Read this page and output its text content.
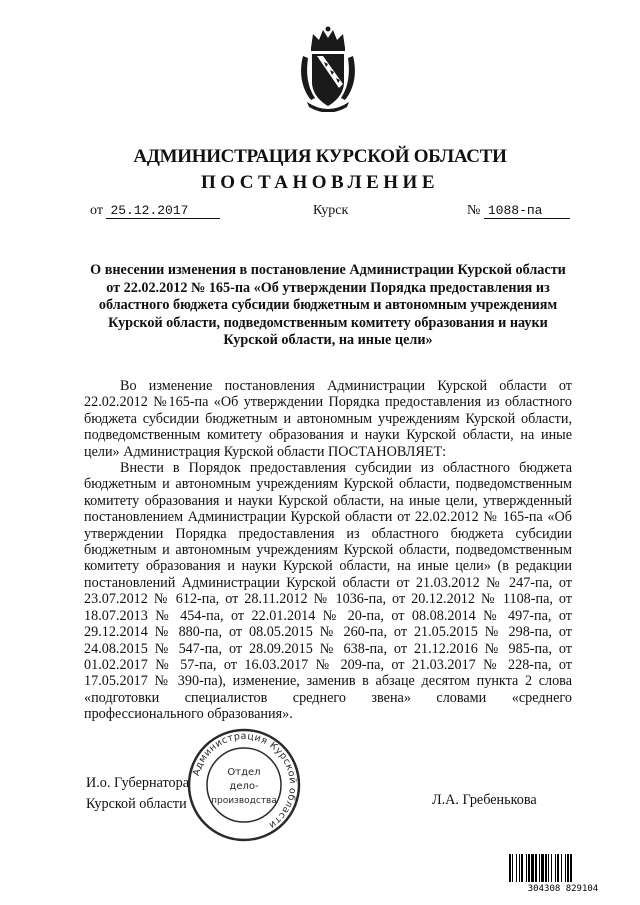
АДМИНИСТРАЦИЯ КУРСКОЙ ОБЛАСТИ
ПОСТАНОВЛЕНИЕ
от 25.12.2017	Курск	№ 1088-па
О внесении изменения в постановление Администрации Курской области
от 22.02.2012 № 165-па «Об утверждении Порядка предоставления из
областного бюджета субсидии бюджетным и автономным учреждениям
Курской области, подведомственным комитету образования и науки
Курской области, на иные цели»

Во изменение постановления Администрации Курской области от 22.02.2012 №165-па «Об утверждении Порядка предоставления из областного бюджета субсидии бюджетным и автономным учреждениям Курской области, подведомственным комитету образования и науки Курской области, на иные цели» Администрация Курской области ПОСТАНОВЛЯЕТ:

Внести в Порядок предоставления субсидии из областного бюджета бюджетным и автономным учреждениям Курской области, подведомственным комитету образования и науки Курской области, на иные цели, утвержденный постановлением Администрации Курской области от 22.02.2012 № 165-па «Об утверждении Порядка предоставления из областного бюджета субсидии бюджетным и автономным учреждениям Курской области, подведомственным комитету образования и науки Курской области, на иные цели» (в редакции постановлений Администрации Курской области от 21.03.2012 № 247-па, от 23.07.2012 № 612-па, от 28.11.2012 № 1036-па, от 20.12.2012 № 1108-па, от 18.07.2013 № 454-па, от 22.01.2014 № 20-па, от 08.08.2014 № 497-па, от 29.12.2014 № 880-па, от 08.05.2015 № 260-па, от 21.05.2015 № 298-па, от 24.08.2015 № 547-па, от 28.09.2015 № 638-па, от 21.12.2016 № 985-па, от 01.02.2017 № 57-па, от 16.03.2017 № 209-па, от 21.03.2017 № 228-па, от 17.05.2017 № 390-па), изменение, заменив в абзаце десятом пункта 2 слова «подготовки специалистов среднего звена» словами «среднего профессионального образования».

И.о. Губернатора
Курской области	Л.А. Гребенькова
Администрация Курской области
Отдел
дело-
производства
304308 829104
